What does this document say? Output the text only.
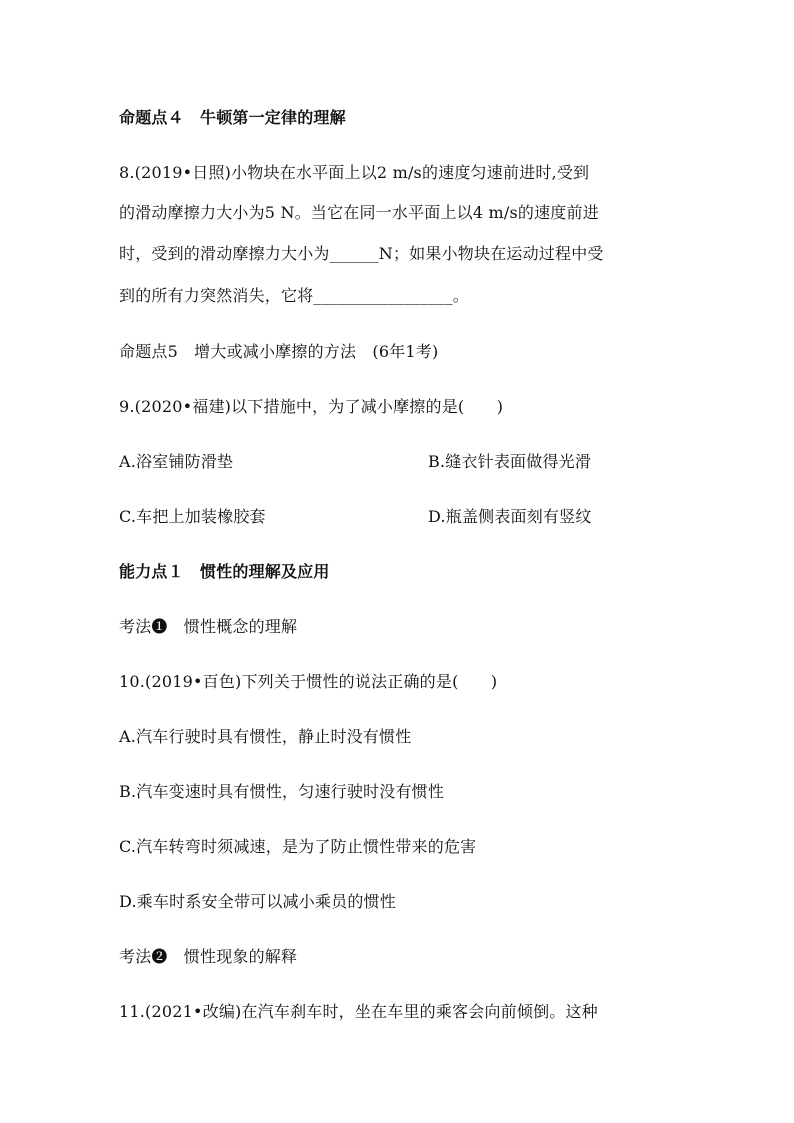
命题点４　牛顿第一定律的理解
8.(2019•日照)小物块在水平面上以2 m/s的速度匀速前进时,受到
的滑动摩擦力大小为5 N。当它在同一水平面上以4 m/s的速度前进
时，受到的滑动摩擦力大小为______N；如果小物块在运动过程中受
到的所有力突然消失，它将_________________。
命题点5　增大或减小摩擦的方法　(6年1考)
9.(2020•福建)以下措施中，为了减小摩擦的是(　　)
A.浴室铺防滑垫	B.缝衣针表面做得光滑
C.车把上加装橡胶套	D.瓶盖侧表面刻有竖纹
能力点１　惯性的理解及应用
考法❶　惯性概念的理解
10.(2019•百色)下列关于惯性的说法正确的是(　　)
A.汽车行驶时具有惯性，静止时没有惯性
B.汽车变速时具有惯性，匀速行驶时没有惯性
C.汽车转弯时须减速，是为了防止惯性带来的危害
D.乘车时系安全带可以减小乘员的惯性
考法❷　惯性现象的解释
11.(2021•改编)在汽车刹车时，坐在车里的乘客会向前倾倒。这种
